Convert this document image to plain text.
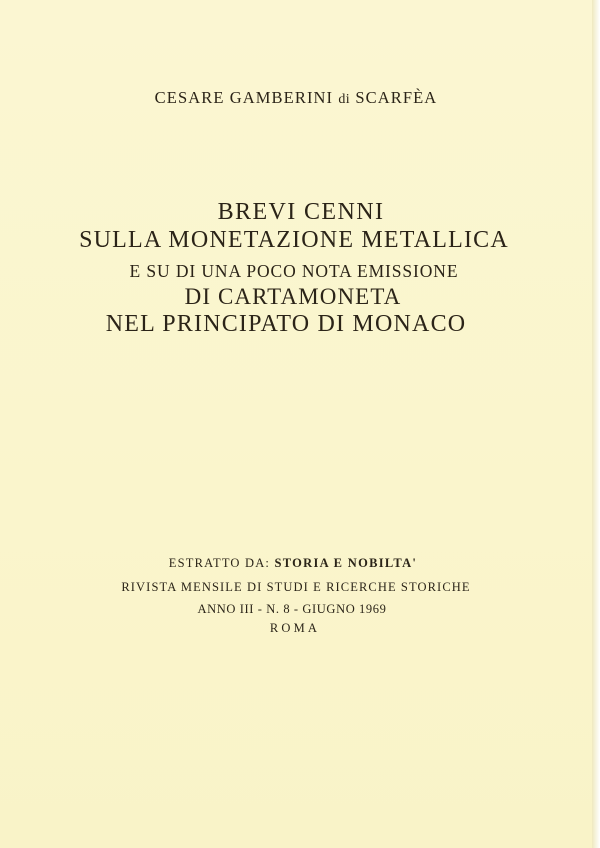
CESARE GAMBERINI di SCARFÈA
BREVI CENNI
SULLA MONETAZIONE METALLICA
E SU DI UNA POCO NOTA EMISSIONE
DI CARTAMONETA
NEL PRINCIPATO DI MONACO
ESTRATTO DA: STORIA E NOBILTA'
RIVISTA MENSILE DI STUDI E RICERCHE STORICHE
ANNO III - N. 8 - GIUGNO 1969
ROMA
